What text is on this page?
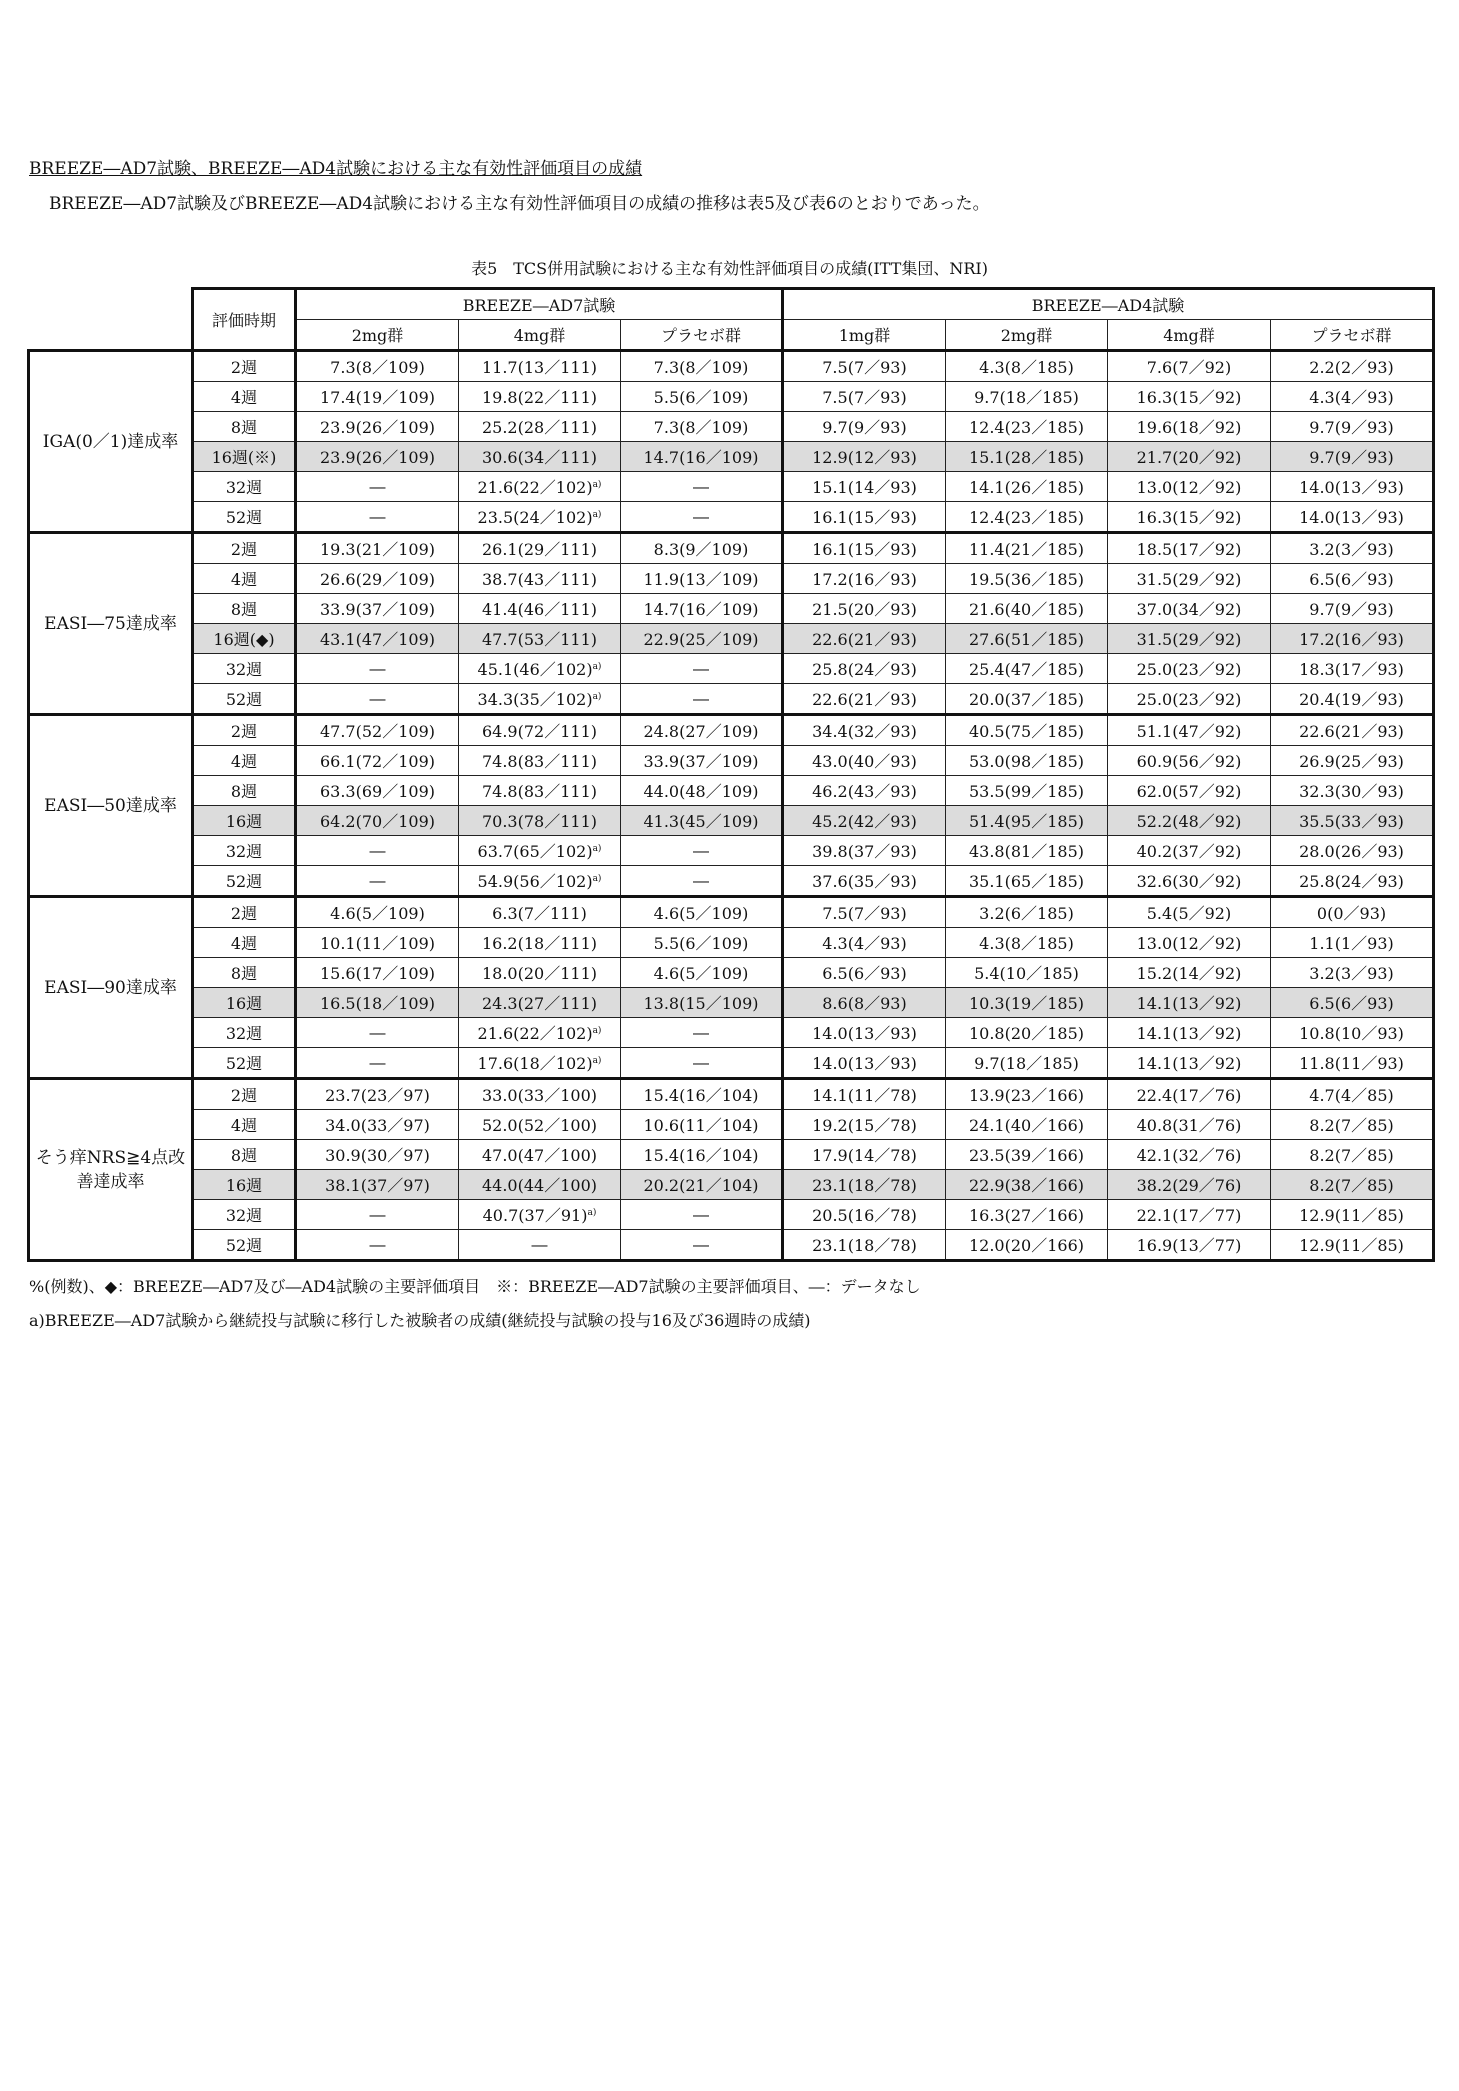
BREEZE―AD7試験、BREEZE―AD4試験における主な有効性評価項目の成績
BREEZE―AD7試験及びBREEZE―AD4試験における主な有効性評価項目の成績の推移は表5及び表6のとおりであった。
表5　TCS併用試験における主な有効性評価項目の成績(ITT集団、NRI)
	評価時期	BREEZE―AD7試験			BREEZE―AD4試験			
		2mg群	4mg群	プラセボ群	1mg群	2mg群	4mg群	プラセボ群
IGA(0／1)達成率	2週	7.3(8／109)	11.7(13／111)	7.3(8／109)	7.5(7／93)	4.3(8／185)	7.6(7／92)	2.2(2／93)
	4週	17.4(19／109)	19.8(22／111)	5.5(6／109)	7.5(7／93)	9.7(18／185)	16.3(15／92)	4.3(4／93)
	8週	23.9(26／109)	25.2(28／111)	7.3(8／109)	9.7(9／93)	12.4(23／185)	19.6(18／92)	9.7(9／93)
	16週(※)	23.9(26／109)	30.6(34／111)	14.7(16／109)	12.9(12／93)	15.1(28／185)	21.7(20／92)	9.7(9／93)
	32週	―	21.6(22／102)$^{a)}$	―	15.1(14／93)	14.1(26／185)	13.0(12／92)	14.0(13／93)
	52週	―	23.5(24／102)$^{a)}$	―	16.1(15／93)	12.4(23／185)	16.3(15／92)	14.0(13／93)
EASI―75達成率	2週	19.3(21／109)	26.1(29／111)	8.3(9／109)	16.1(15／93)	11.4(21／185)	18.5(17／92)	3.2(3／93)
	4週	26.6(29／109)	38.7(43／111)	11.9(13／109)	17.2(16／93)	19.5(36／185)	31.5(29／92)	6.5(6／93)
	8週	33.9(37／109)	41.4(46／111)	14.7(16／109)	21.5(20／93)	21.6(40／185)	37.0(34／92)	9.7(9／93)
	16週(◆)	43.1(47／109)	47.7(53／111)	22.9(25／109)	22.6(21／93)	27.6(51／185)	31.5(29／92)	17.2(16／93)
	32週	―	45.1(46／102)$^{a)}$	―	25.8(24／93)	25.4(47／185)	25.0(23／92)	18.3(17／93)
	52週	―	34.3(35／102)$^{a)}$	―	22.6(21／93)	20.0(37／185)	25.0(23／92)	20.4(19／93)
EASI―50達成率	2週	47.7(52／109)	64.9(72／111)	24.8(27／109)	34.4(32／93)	40.5(75／185)	51.1(47／92)	22.6(21／93)
	4週	66.1(72／109)	74.8(83／111)	33.9(37／109)	43.0(40／93)	53.0(98／185)	60.9(56／92)	26.9(25／93)
	8週	63.3(69／109)	74.8(83／111)	44.0(48／109)	46.2(43／93)	53.5(99／185)	62.0(57／92)	32.3(30／93)
	16週	64.2(70／109)	70.3(78／111)	41.3(45／109)	45.2(42／93)	51.4(95／185)	52.2(48／92)	35.5(33／93)
	32週	―	63.7(65／102)$^{a)}$	―	39.8(37／93)	43.8(81／185)	40.2(37／92)	28.0(26／93)
	52週	―	54.9(56／102)$^{a)}$	―	37.6(35／93)	35.1(65／185)	32.6(30／92)	25.8(24／93)
EASI―90達成率	2週	4.6(5／109)	6.3(7／111)	4.6(5／109)	7.5(7／93)	3.2(6／185)	5.4(5／92)	0(0／93)
	4週	10.1(11／109)	16.2(18／111)	5.5(6／109)	4.3(4／93)	4.3(8／185)	13.0(12／92)	1.1(1／93)
	8週	15.6(17／109)	18.0(20／111)	4.6(5／109)	6.5(6／93)	5.4(10／185)	15.2(14／92)	3.2(3／93)
	16週	16.5(18／109)	24.3(27／111)	13.8(15／109)	8.6(8／93)	10.3(19／185)	14.1(13／92)	6.5(6／93)
	32週	―	21.6(22／102)$^{a)}$	―	14.0(13／93)	10.8(20／185)	14.1(13／92)	10.8(10／93)
	52週	―	17.6(18／102)$^{a)}$	―	14.0(13／93)	9.7(18／185)	14.1(13／92)	11.8(11／93)
そう痒NRS≧4点改善達成率	2週	23.7(23／97)	33.0(33／100)	15.4(16／104)	14.1(11／78)	13.9(23／166)	22.4(17／76)	4.7(4／85)
	4週	34.0(33／97)	52.0(52／100)	10.6(11／104)	19.2(15／78)	24.1(40／166)	40.8(31／76)	8.2(7／85)
	8週	30.9(30／97)	47.0(47／100)	15.4(16／104)	17.9(14／78)	23.5(39／166)	42.1(32／76)	8.2(7／85)
	16週	38.1(37／97)	44.0(44／100)	20.2(21／104)	23.1(18／78)	22.9(38／166)	38.2(29／76)	8.2(7／85)
	32週	―	40.7(37／91)$^{a)}$	―	20.5(16／78)	16.3(27／166)	22.1(17／77)	12.9(11／85)
	52週	―	―	―	23.1(18／78)	12.0(20／166)	16.9(13／77)	12.9(11／85)
%(例数)、◆：BREEZE―AD7及び―AD4試験の主要評価項目　※：BREEZE―AD7試験の主要評価項目、―：データなし
a)BREEZE―AD7試験から継続投与試験に移行した被験者の成績(継続投与試験の投与16及び36週時の成績)
